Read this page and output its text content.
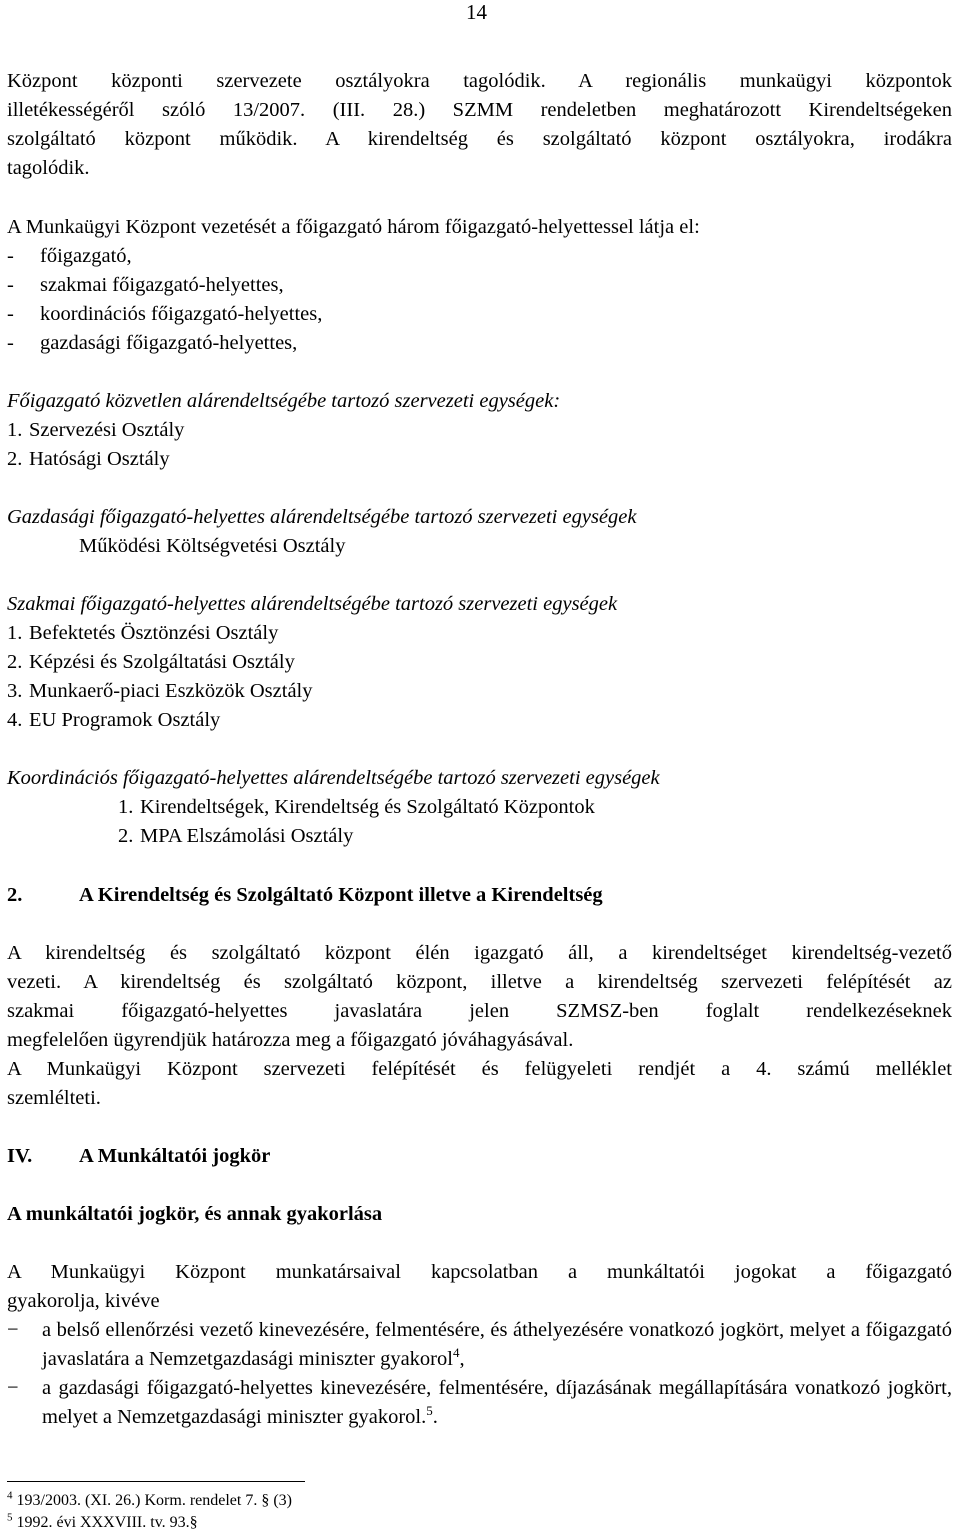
14
Központ központi szervezete osztályokra tagolódik. A regionális munkaügyi központok
illetékességéről szóló 13/2007. (III. 28.) SZMM rendeletben meghatározott Kirendeltségeken
szolgáltató központ működik. A kirendeltség és szolgáltató központ osztályokra, irodákra
tagolódik.
A Munkaügyi Központ vezetését a főigazgató három főigazgató-helyettessel látja el:
- főigazgató,
- szakmai főigazgató-helyettes,
- koordinációs főigazgató-helyettes,
- gazdasági főigazgató-helyettes,
Főigazgató közvetlen alárendeltségébe tartozó szervezeti egységek:
1. Szervezési Osztály
2. Hatósági Osztály
Gazdasági főigazgató-helyettes alárendeltségébe tartozó szervezeti egységek
Működési Költségvetési Osztály
Szakmai főigazgató-helyettes alárendeltségébe tartozó szervezeti egységek
1. Befektetés Ösztönzési Osztály
2. Képzési és Szolgáltatási Osztály
3. Munkaerő-piaci Eszközök Osztály
4. EU Programok Osztály
Koordinációs főigazgató-helyettes alárendeltségébe tartozó szervezeti egységek
1. Kirendeltségek, Kirendeltség és Szolgáltató Központok
2. MPA Elszámolási Osztály
2.	A Kirendeltség és Szolgáltató Központ illetve a Kirendeltség
A kirendeltség és szolgáltató központ élén igazgató áll, a kirendeltséget kirendeltség-vezető
vezeti. A kirendeltség és szolgáltató központ, illetve a kirendeltség szervezeti felépítését az
szakmai főigazgató-helyettes javaslatára jelen SZMSZ-ben foglalt rendelkezéseknek
megfelelően ügyrendjük határozza meg a főigazgató jóváhagyásával.
A Munkaügyi Központ szervezeti felépítését és felügyeleti rendjét a 4. számú melléklet
szemlélteti.
IV. A Munkáltatói jogkör
A munkáltatói jogkör, és annak gyakorlása
A Munkaügyi Központ munkatársaival kapcsolatban a munkáltatói jogokat a főigazgató
gyakorolja, kivéve
− a belső ellenőrzési vezető kinevezésére, felmentésére, és áthelyezésére vonatkozó jogkört, melyet a főigazgató javaslatára a Nemzetgazdasági miniszter gyakorol$^4$,
− a gazdasági főigazgató-helyettes kinevezésére, felmentésére, díjazásának megállapítására vonatkozó jogkört, melyet a Nemzetgazdasági miniszter gyakorol.$^5$.
$^4$ 193/2003. (XI. 26.) Korm. rendelet 7. § (3)
$^5$ 1992. évi XXXVIII. tv. 93.§
